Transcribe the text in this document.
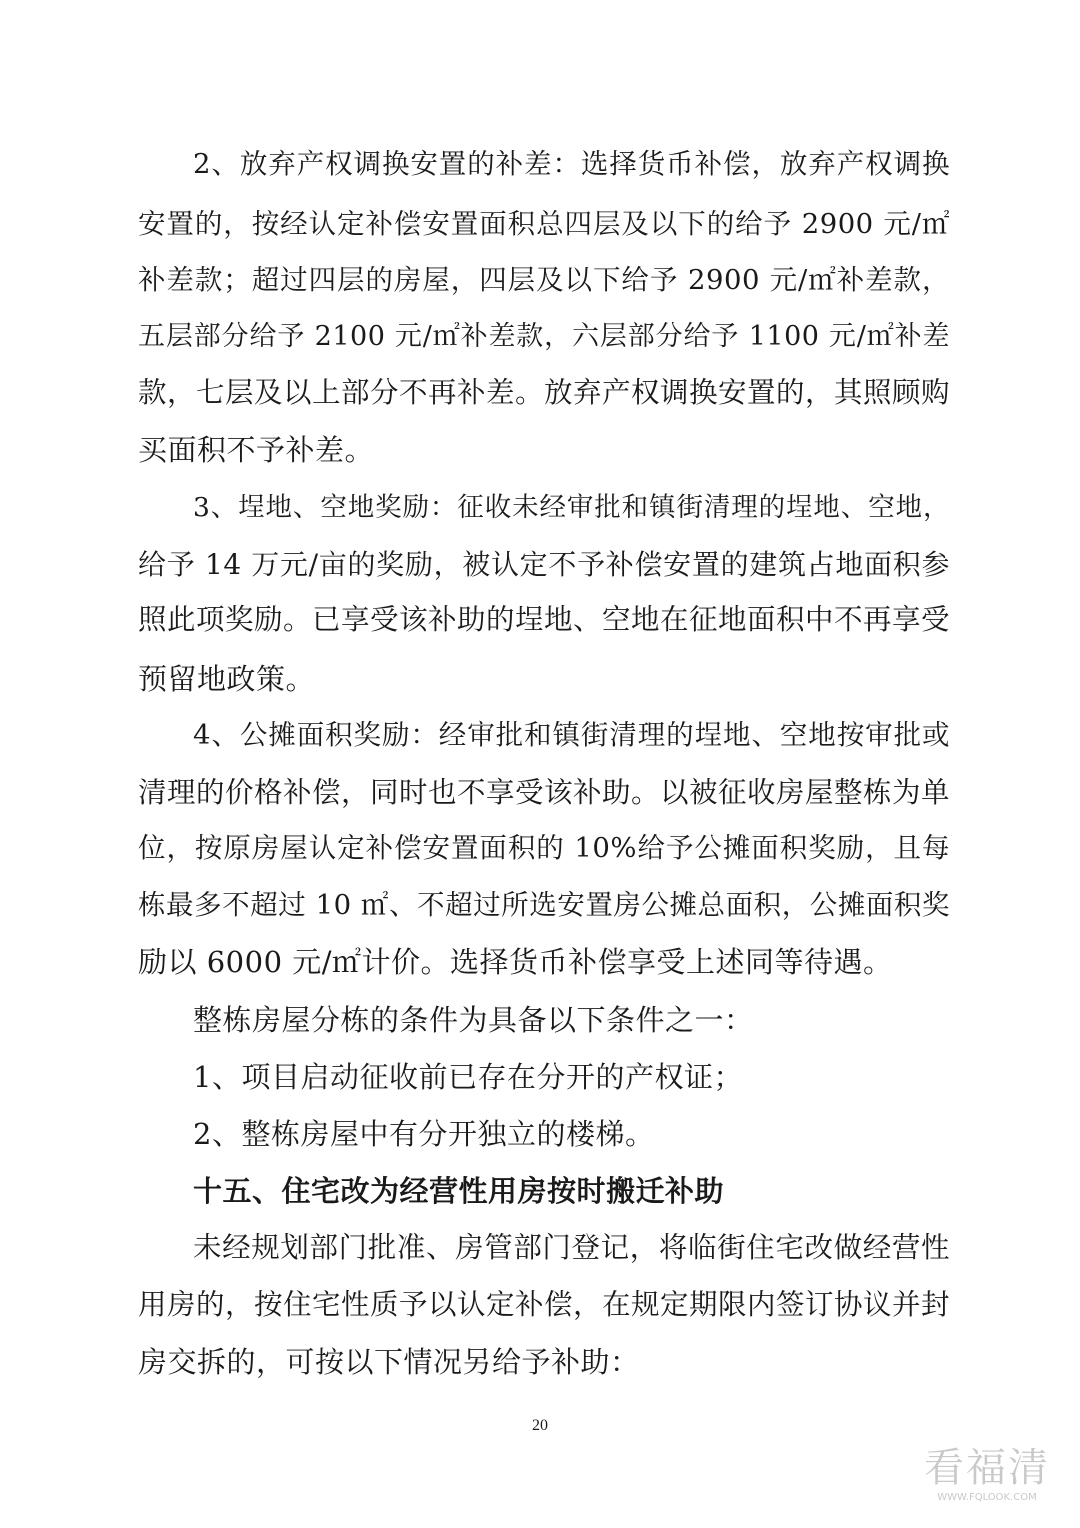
2、放弃产权调换安置的补差：选择货币补偿，放弃产权调换
安置的，按经认定补偿安置面积总四层及以下的给予 2900 元/㎡
补差款；超过四层的房屋，四层及以下给予 2900 元/㎡补差款，
五层部分给予 2100 元/㎡补差款，六层部分给予 1100 元/㎡补差
款，七层及以上部分不再补差。放弃产权调换安置的，其照顾购
买面积不予补差。
3、埕地、空地奖励：征收未经审批和镇街清理的埕地、空地，
给予 14 万元/亩的奖励，被认定不予补偿安置的建筑占地面积参
照此项奖励。已享受该补助的埕地、空地在征地面积中不再享受
预留地政策。
4、公摊面积奖励：经审批和镇街清理的埕地、空地按审批或
清理的价格补偿，同时也不享受该补助。以被征收房屋整栋为单
位，按原房屋认定补偿安置面积的 10%给予公摊面积奖励，且每
栋最多不超过 10 ㎡、不超过所选安置房公摊总面积，公摊面积奖
励以 6000 元/㎡计价。选择货币补偿享受上述同等待遇。
整栋房屋分栋的条件为具备以下条件之一：
1、项目启动征收前已存在分开的产权证；
2、整栋房屋中有分开独立的楼梯。
十五、住宅改为经营性用房按时搬迁补助
未经规划部门批准、房管部门登记，将临街住宅改做经营性
用房的，按住宅性质予以认定补偿，在规定期限内签订协议并封
房交拆的，可按以下情况另给予补助：
20
看福清
WWW.FQLOOK.COM
